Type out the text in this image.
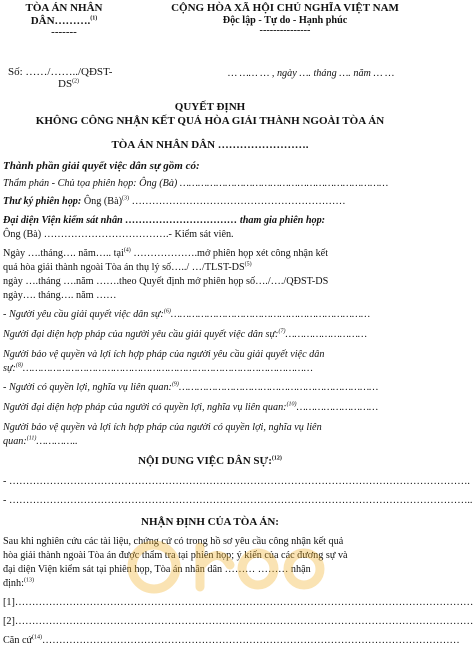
TÒA ÁN NHÂN
DÂN……….$^{(1)}$
-------
CỘNG HÒA XÃ HỘI CHỦ NGHĨA VIỆT NAM
Độc lập - Tự do - Hạnh phúc
---------------
Số: ……/……../QĐST-
DS$^{(2)}$
… …… … , ngày …. tháng …. năm … …
QUYẾT ĐỊNH
KHÔNG CÔNG NHẬN KẾT QUẢ HÒA GIẢI THÀNH NGOÀI TÒA ÁN
TÒA ÁN NHÂN DÂN …………………….
Thành phần giải quyết việc dân sự gồm có:
Thẩm phán - Chủ tọa phiên họp: Ông (Bà) ……………………………………………………………
Thư ký phiên họp: Ông (Bà)$^{(3)}$ ………………………………………………………
Đại diện Viện kiểm sát nhân …………………………… tham gia phiên họp:
Ông (Bà) ……………………………….- Kiểm sát viên.
Ngày ….tháng…. năm….. tại$^{(4)}$ ……………….mở phiên họp xét công nhận kết
quả hòa giải thành ngoài Tòa án thụ lý số…../ …/TLST-DS$^{(5)}$
ngày ….tháng ….năm …….theo Quyết định mở phiên họp số…./…./QĐST-DS
ngày…. tháng…. năm ……
- Người yêu cầu giải quyết việc dân sự:$^{(6)}$…………………………………………………………
Người đại diện hợp pháp của người yêu cầu giải quyết việc dân sự:$^{(7)}$………………………
Người bảo vệ quyền và lợi ích hợp pháp của người yêu cầu giải quyết việc dân
sự:$^{(8)}$……………………………………………………………………………………
- Người có quyền lợi, nghĩa vụ liên quan:$^{(9)}$…………………………………………………………
Người đại diện hợp pháp của người có quyền lợi, nghĩa vụ liên quan:$^{(10)}$………………………
Người bảo vệ quyền và lợi ích hợp pháp của người có quyền lợi, nghĩa vụ liên
quan:$^{(11)}$…………..
NỘI DUNG VIỆC DÂN SỰ:$^{(12)}$
- ……………………………………………………………………………………………………………………….
- ………………………………………………………………………………………………………………………..
NHẬN ĐỊNH CỦA TÒA ÁN:
Sau khi nghiên cứu các tài liệu, chứng cứ có trong hồ sơ yêu cầu công nhận kết quả
hòa giải thành ngoài Tòa án được thẩm tra tại phiên họp; ý kiến của các đương sự và
đại diện Viện kiểm sát tại phiên họp, Tòa án nhân dân ……… ……… nhận
định:$^{(13)}$
[1]………………………………………………………………………………………………………………………
[2]………………………………………………………………………………………………………………………
Căn cứ$^{(14)}$……………………………………………………………………………………………………………
